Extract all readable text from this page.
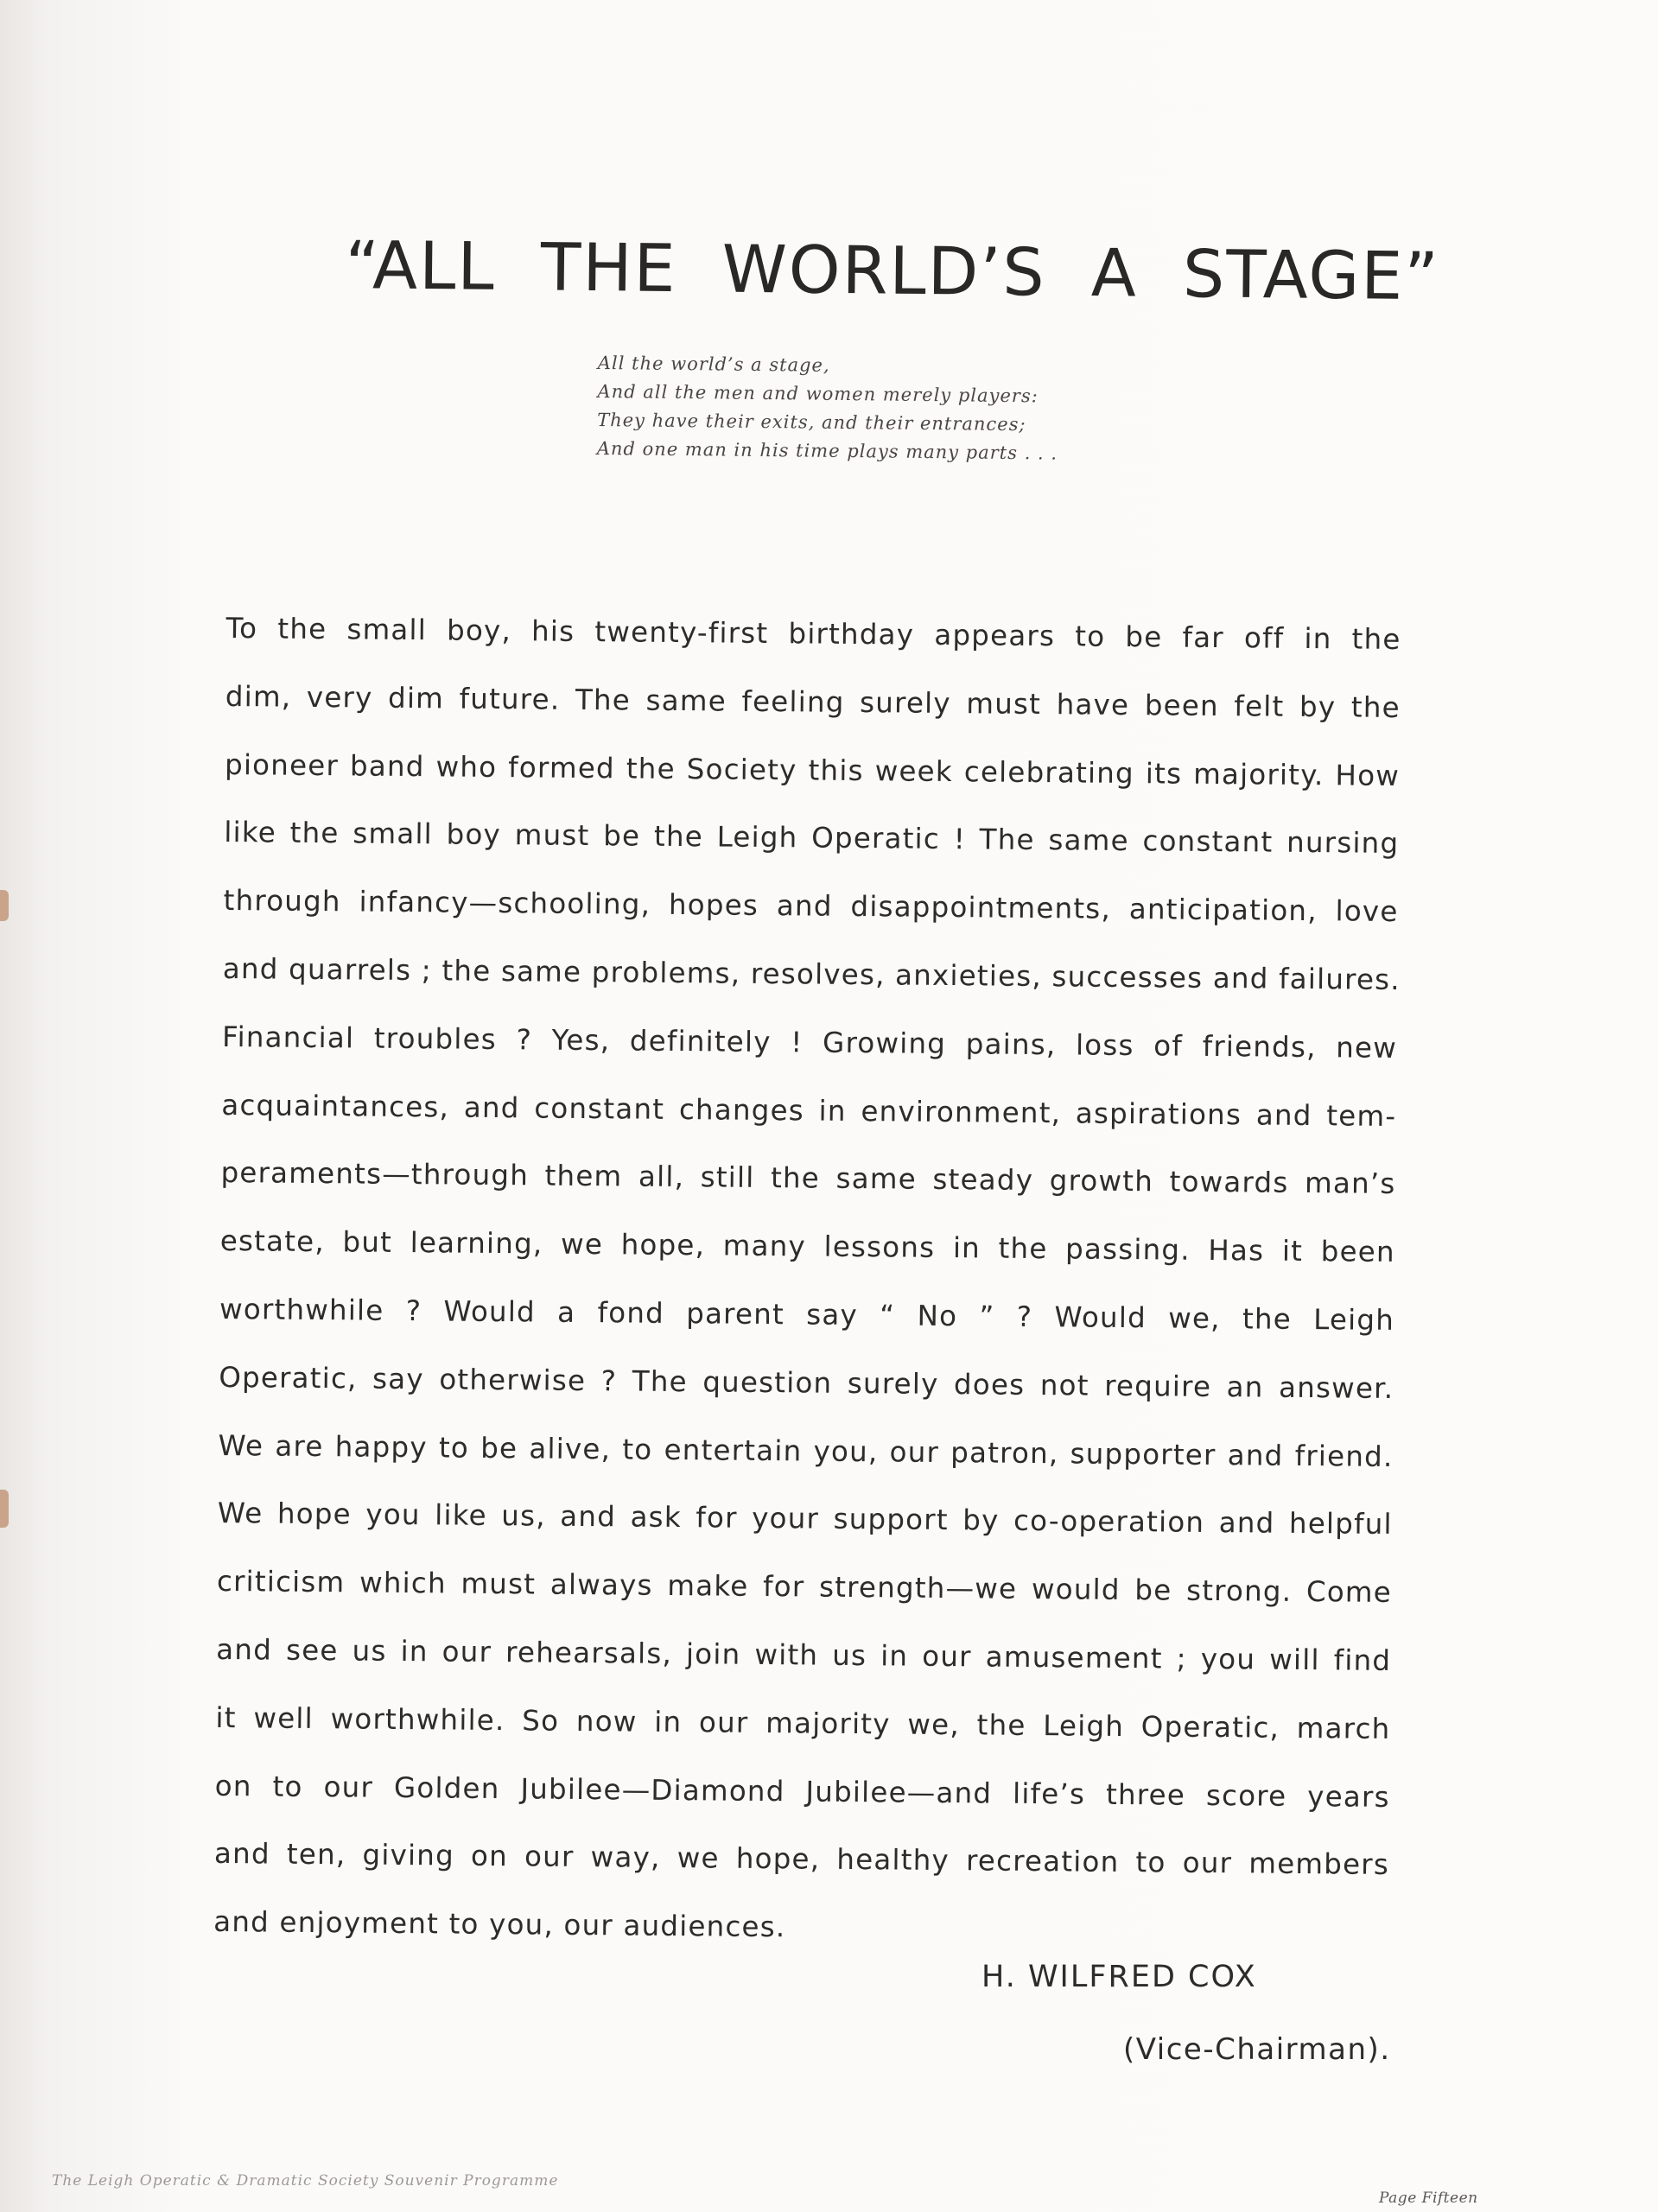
“ALL THE WORLD’S A STAGE”
All the world’s a stage,
And all the men and women merely players:
They have their exits, and their entrances;
And one man in his time plays many parts . . .
To the small boy, his twenty-first birthday appears to be far off in the
dim, very dim future. The same feeling surely must have been felt by the
pioneer band who formed the Society this week celebrating its majority. How
like the small boy must be the Leigh Operatic ! The same constant nursing
through infancy—schooling, hopes and disappointments, anticipation, love
and quarrels ; the same problems, resolves, anxieties, successes and failures.
Financial troubles ? Yes, definitely ! Growing pains, loss of friends, new
acquaintances, and constant changes in environment, aspirations and tem-
peraments—through them all, still the same steady growth towards man’s
estate, but learning, we hope, many lessons in the passing. Has it been
worthwhile ? Would a fond parent say “ No ” ? Would we, the Leigh
Operatic, say otherwise ? The question surely does not require an answer.
We are happy to be alive, to entertain you, our patron, supporter and friend.
We hope you like us, and ask for your support by co-operation and helpful
criticism which must always make for strength—we would be strong. Come
and see us in our rehearsals, join with us in our amusement ; you will find
it well worthwhile. So now in our majority we, the Leigh Operatic, march
on to our Golden Jubilee—Diamond Jubilee—and life’s three score years
and ten, giving on our way, we hope, healthy recreation to our members
and enjoyment to you, our audiences.
H. WILFRED COX
(Vice-Chairman).
The Leigh Operatic & Dramatic Society Souvenir Programme
Page Fifteen
